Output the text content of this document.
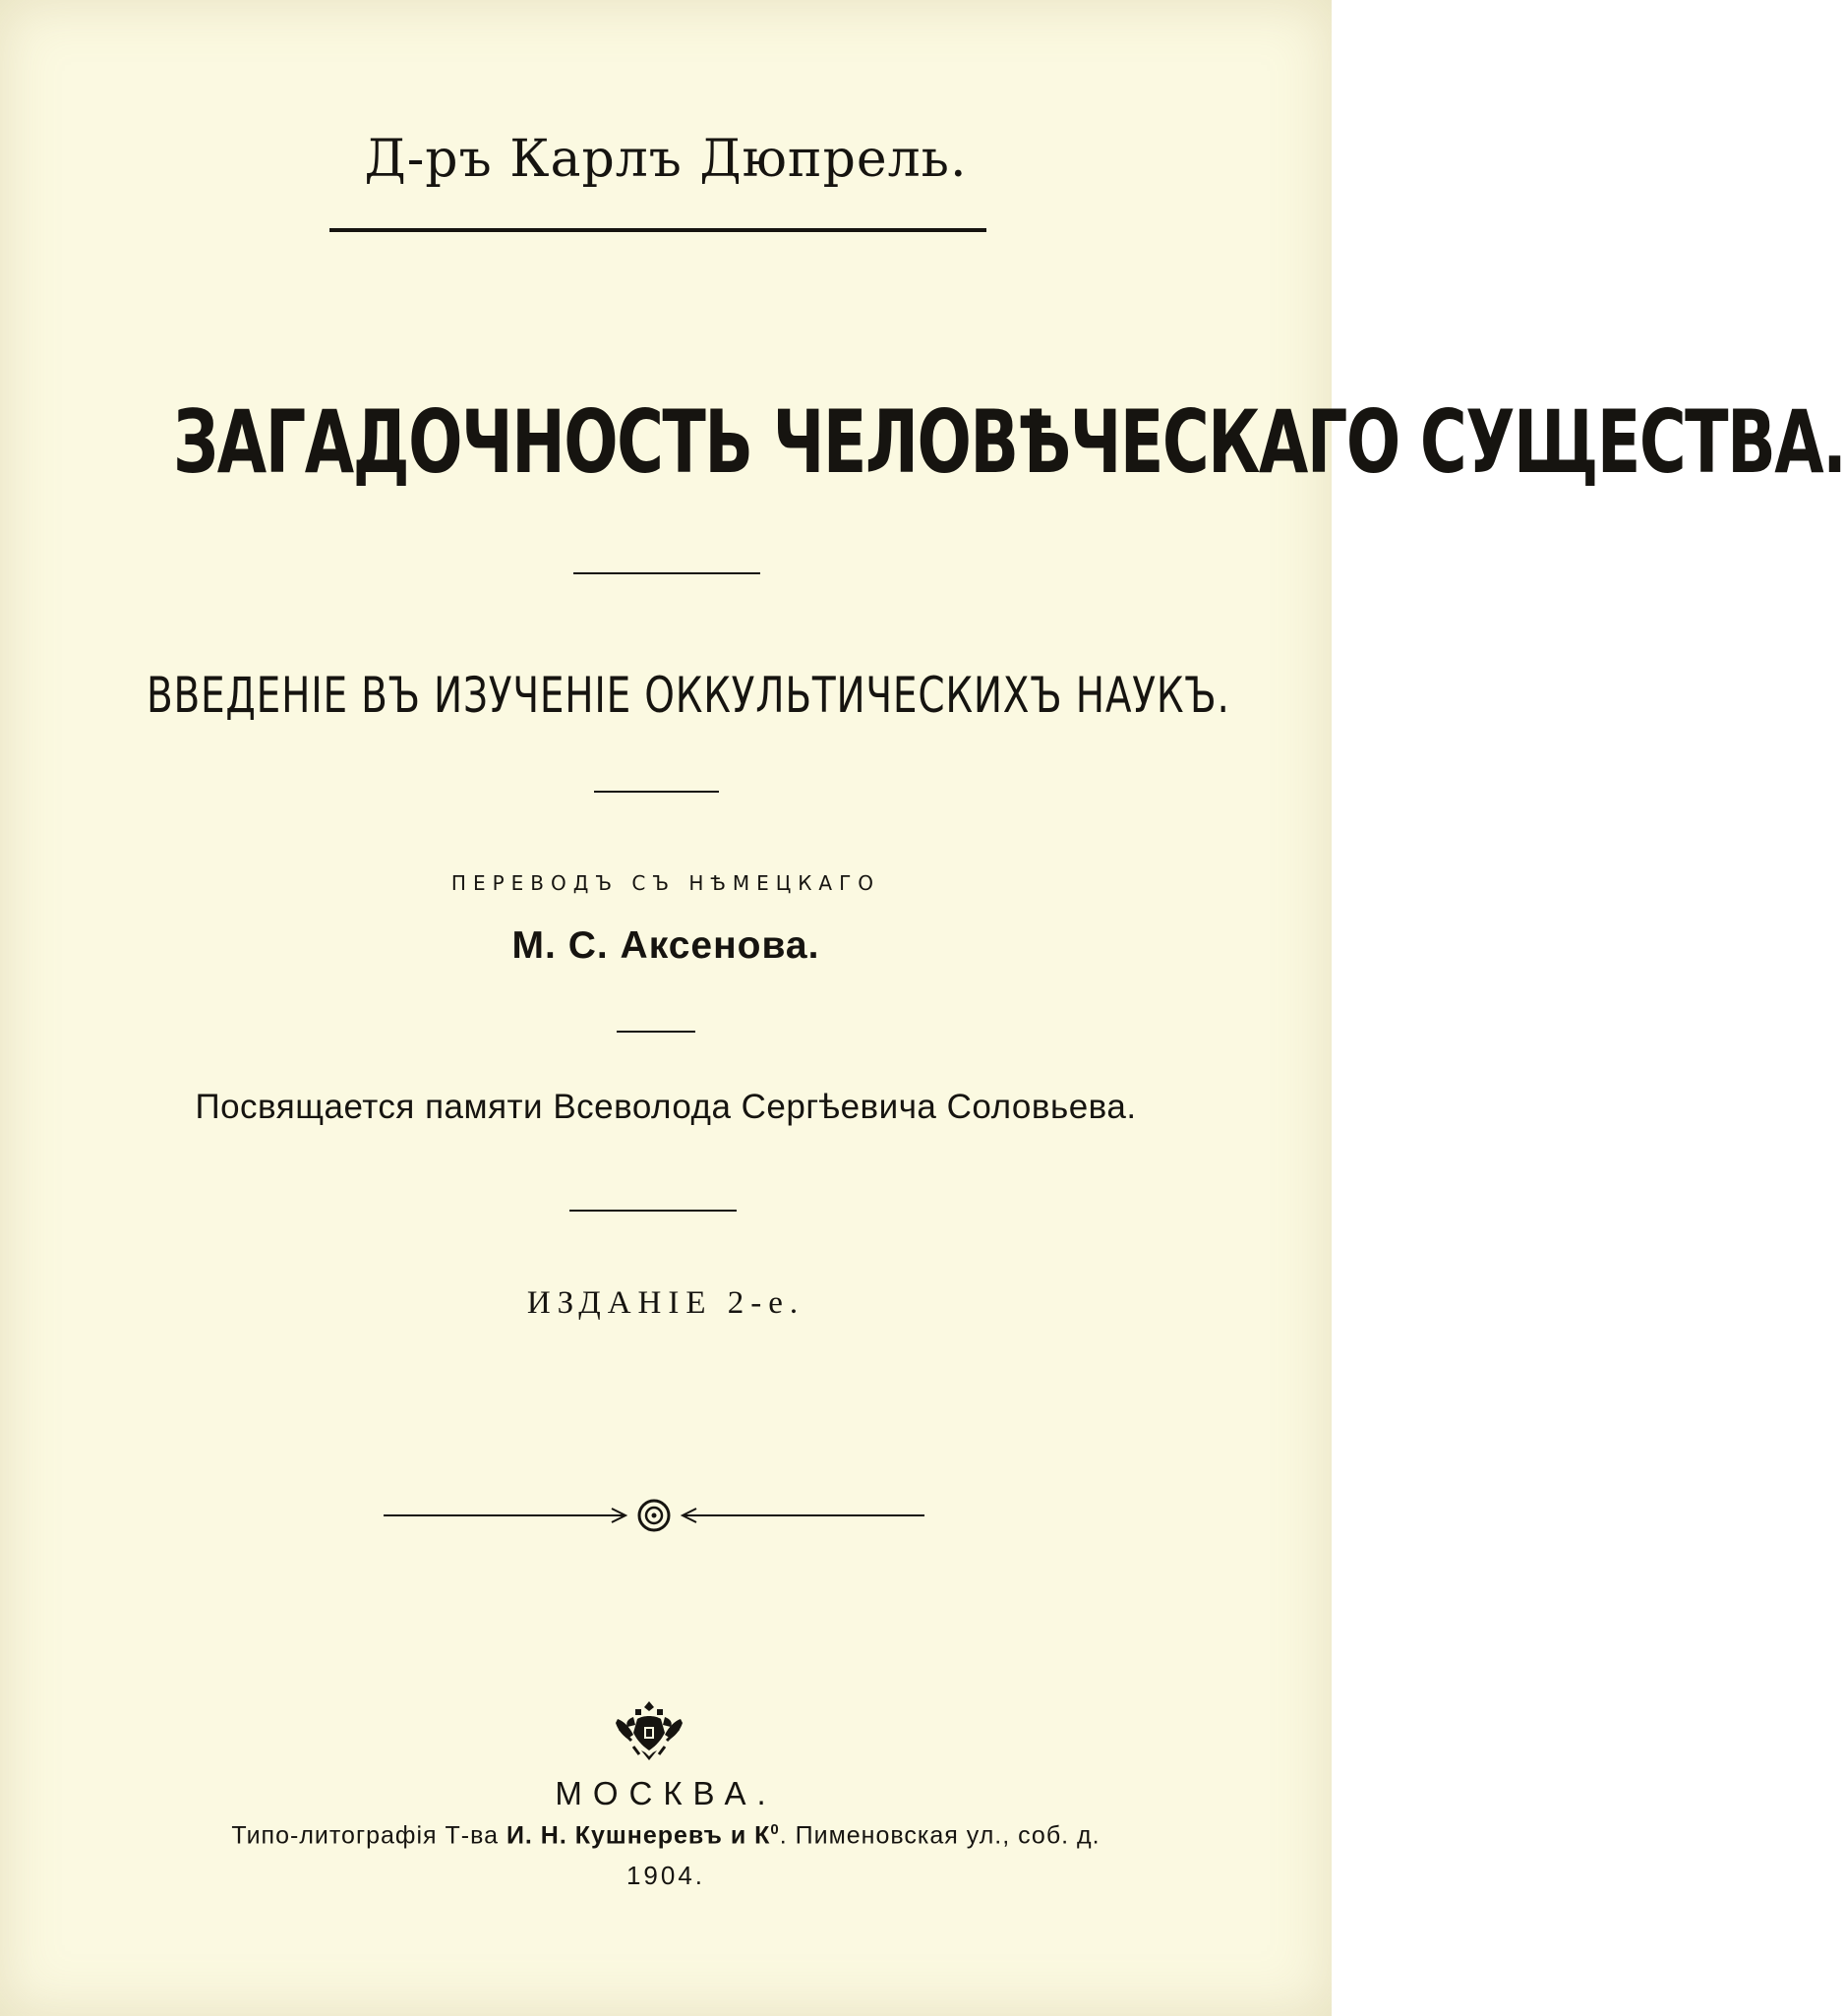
Д-ръ Карлъ Дюпрель.
ЗАГАДОЧНОСТЬ ЧЕЛОВѢЧЕСКАГО СУЩЕСТВА.
ВВЕДЕНІЕ ВЪ ИЗУЧЕНІЕ ОККУЛЬТИЧЕСКИХЪ НАУКЪ.
ПЕРЕВОДЪ СЪ НѢМЕЦКАГО
М. С. Аксенова.
Посвящается памяти Всеволода Сергѣевича Соловьева.
ИЗДАНІЕ 2-е.
МОСКВА.
Типо-литографія Т-ва И. Н. Кушнеревъ и $К^0$. Пименовская ул., соб. д.
1904.
